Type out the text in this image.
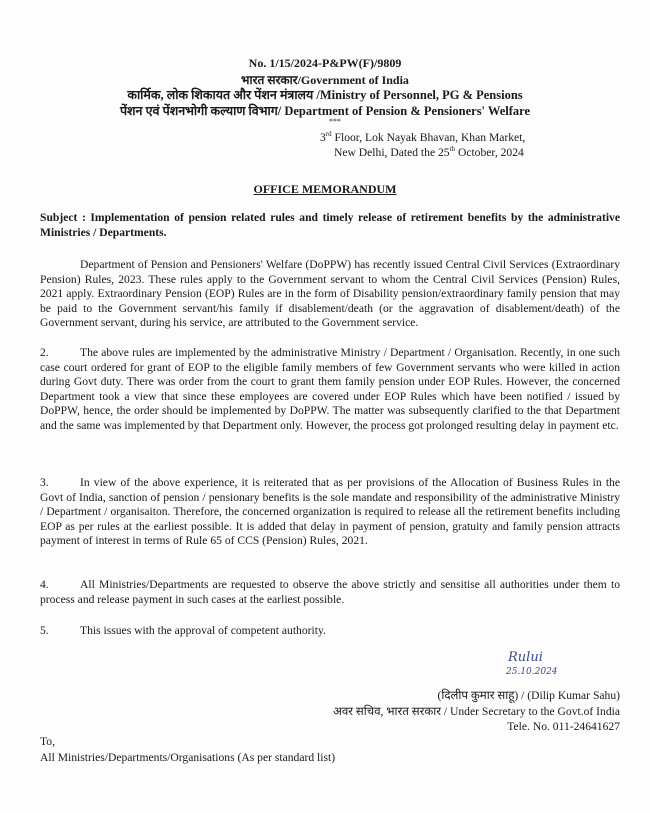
No. 1/15/2024-P&PW(F)/9809
भारत सरकार/Government of India
कार्मिक, लोक शिकायत और पेंशन मंत्रालय /Ministry of Personnel, PG & Pensions
पेंशन एवं पेंशनभोगी कल्याण विभाग/ Department of Pension & Pensioners' Welfare
***
3rd Floor, Lok Nayak Bhavan, Khan Market,
New Delhi, Dated the 25th October, 2024
OFFICE MEMORANDUM
Subject : Implementation of pension related rules and timely release of retirement benefits by the administrative Ministries / Departments.
Department of Pension and Pensioners' Welfare (DoPPW) has recently issued Central Civil Services (Extraordinary Pension) Rules, 2023. These rules apply to the Government servant to whom the Central Civil Services (Pension) Rules, 2021 apply. Extraordinary Pension (EOP) Rules are in the form of Disability pension/extraordinary family pension that may be paid to the Government servant/his family if disablement/death (or the aggravation of disablement/death) of the Government servant, during his service, are attributed to the Government service.
2.	The above rules are implemented by the administrative Ministry / Department / Organisation. Recently, in one such case court ordered for grant of EOP to the eligible family members of few Government servants who were killed in action during Govt duty. There was order from the court to grant them family pension under EOP Rules. However, the concerned Department took a view that since these employees are covered under EOP Rules which have been notified / issued by DoPPW, hence, the order should be implemented by DoPPW. The matter was subsequently clarified to the that Department and the same was implemented by that Department only. However, the process got prolonged resulting delay in payment etc.
3.	In view of the above experience, it is reiterated that as per provisions of the Allocation of Business Rules in the Govt of India, sanction of pension / pensionary benefits is the sole mandate and responsibility of the administrative Ministry / Department / organisaiton. Therefore, the concerned organization is required to release all the retirement benefits including EOP as per rules at the earliest possible. It is added that delay in payment of pension, gratuity and family pension attracts payment of interest in terms of Rule 65 of CCS (Pension) Rules, 2021.
4.	All Ministries/Departments are requested to observe the above strictly and sensitise all authorities under them to process and release payment in such cases at the earliest possible.
5.	This issues with the approval of competent authority.
Rului
25.10.2024
(दिलीप कुमार साहू) / (Dilip Kumar Sahu)
अवर सचिव, भारत सरकार / Under Secretary to the Govt.of India
Tele. No. 011-24641627
To,
All Ministries/Departments/Organisations (As per standard list)
